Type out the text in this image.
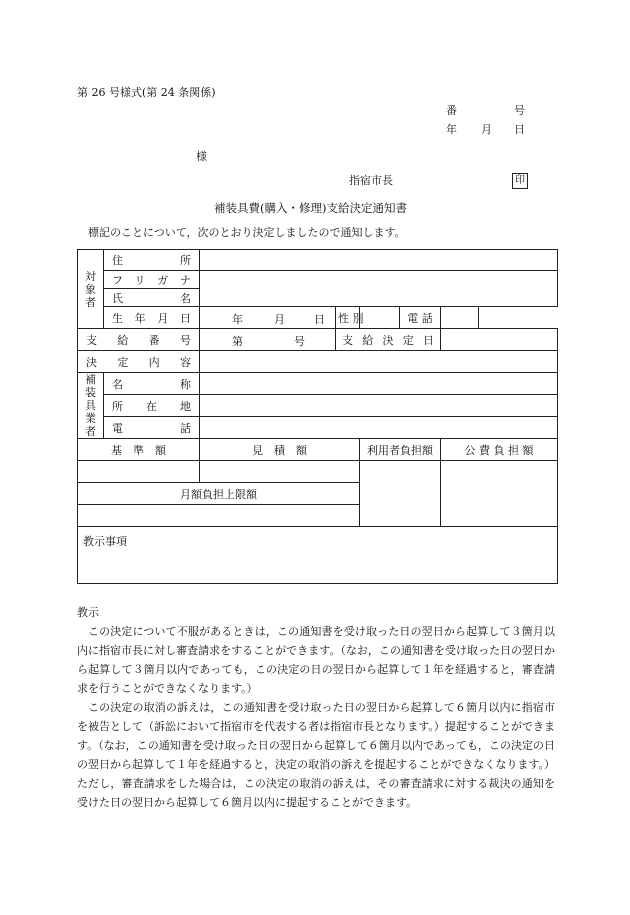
第 26 号様式(第 24 条関係)
番	号
年 月 日
様
指宿市長	印
補装具費(購入・修理)支給決定通知書
標記のことについて，次のとおり決定しましたので通知します。
対象者	住所					

	フリガナ					

	氏名					

	生年月日	年 月 日	性 別		電 話	

支給番号		第 号	支給決定日			

決定内容						

補装具業者	名称					

	所在地					

	電話					

基　準　額		見　積　額		利用者負担額		公 費 負 担 額

月額負担上限額						

教示事項						
教示

この決定について不服があるときは，この通知書を受け取った日の翌日から起算して３箇月以内に指宿市長に対し審査請求をすることができます。（なお，この通知書を受け取った日の翌日から起算して３箇月以内であっても，この決定の日の翌日から起算して１年を経過すると，審査請求を行うことができなくなります。）

この決定の取消の訴えは，この通知書を受け取った日の翌日から起算して６箇月以内に指宿市を被告として（訴訟において指宿市を代表する者は指宿市長となります。）提起することができます。（なお，この通知書を受け取った日の翌日から起算して６箇月以内であっても，この決定の日の翌日から起算して１年を経過すると，決定の取消の訴えを提起することができなくなります。）ただし，審査請求をした場合は，この決定の取消の訴えは，その審査請求に対する裁決の通知を受けた日の翌日から起算して６箇月以内に提起することができます。
